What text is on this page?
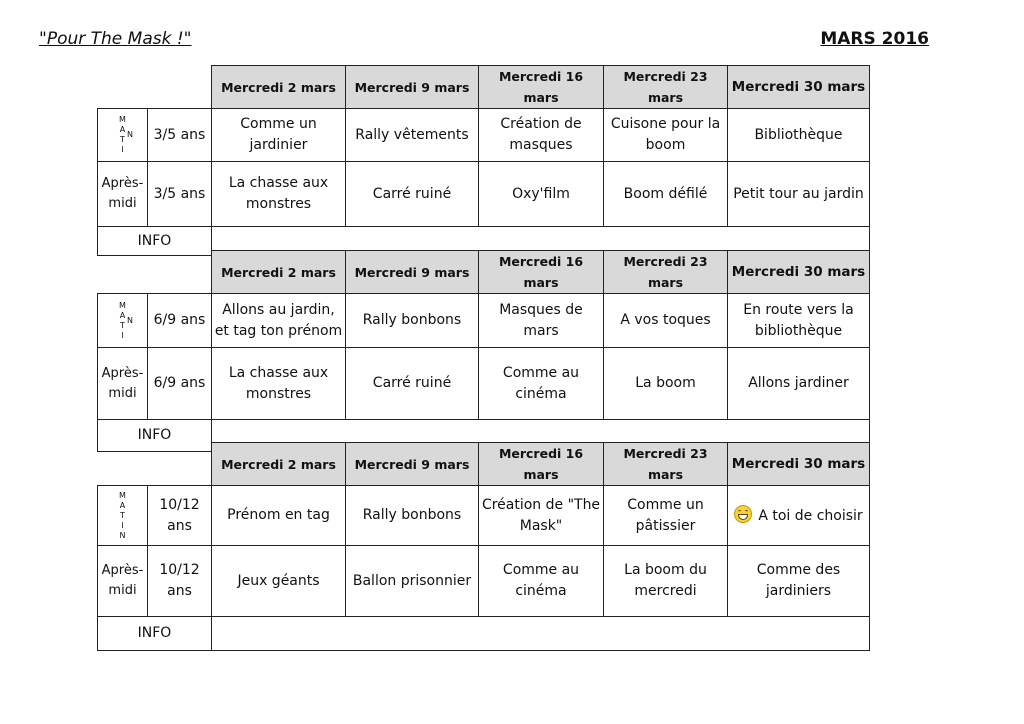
"Pour The Mask !"	MARS 2016
		Mercredi 2 mars	Mercredi 9 mars	Mercredi 16 mars	Mercredi 23 mars	Mercredi 30 mars
M
A
T
I
N	3/5 ans	Comme un jardinier	Rally vêtements	Création de masques	Cuisone pour la boom	Bibliothèque
Après-midi	3/5 ans	La chasse aux monstres	Carré ruiné	Oxy'film	Boom défilé	Petit tour au jardin
INFO						
		Mercredi 2 mars	Mercredi 9 mars	Mercredi 16 mars	Mercredi 23 mars	Mercredi 30 mars
M
A
T
I
N	6/9 ans	Allons au jardin, et tag ton prénom	Rally bonbons	Masques de mars	A vos toques	En route vers la bibliothèque
Après-midi	6/9 ans	La chasse aux monstres	Carré ruiné	Comme au cinéma	La boom	Allons jardiner
INFO						
		Mercredi 2 mars	Mercredi 9 mars	Mercredi 16 mars	Mercredi 23 mars	Mercredi 30 mars
M
A
T
I
N	10/12 ans	Prénom en tag	Rally bonbons	Création de "The Mask"	Comme un pâtissier	A toi de choisir
Après-midi	10/12 ans	Jeux géants	Ballon prisonnier	Comme au cinéma	La boom du mercredi	Comme des jardiniers
INFO						
